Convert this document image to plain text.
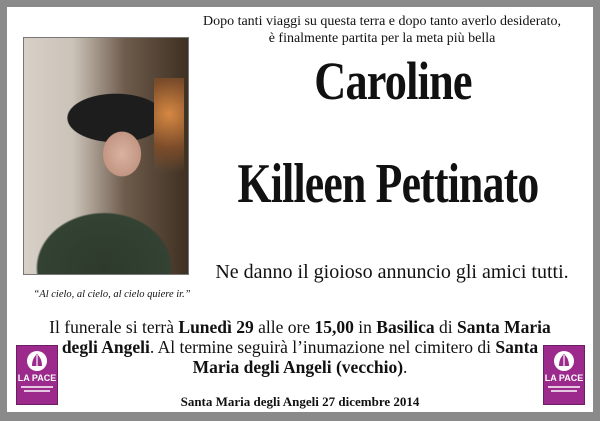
Dopo tanti viaggi su questa terra e dopo tanto averlo desiderato,
è finalmente partita per la meta più bella
Caroline
Killeen Pettinato
“Al cielo, al cielo, al cielo quiere ir.”
Ne danno il gioioso annuncio gli amici tutti.
Il funerale si terrà Lunedì 29 alle ore 15,00 in Basilica di Santa Maria degli Angeli. Al termine seguirà l’inumazione nel cimitero di Santa Maria degli Angeli (vecchio).
LA PACE	LA PACE
Santa Maria degli Angeli 27 dicembre 2014
